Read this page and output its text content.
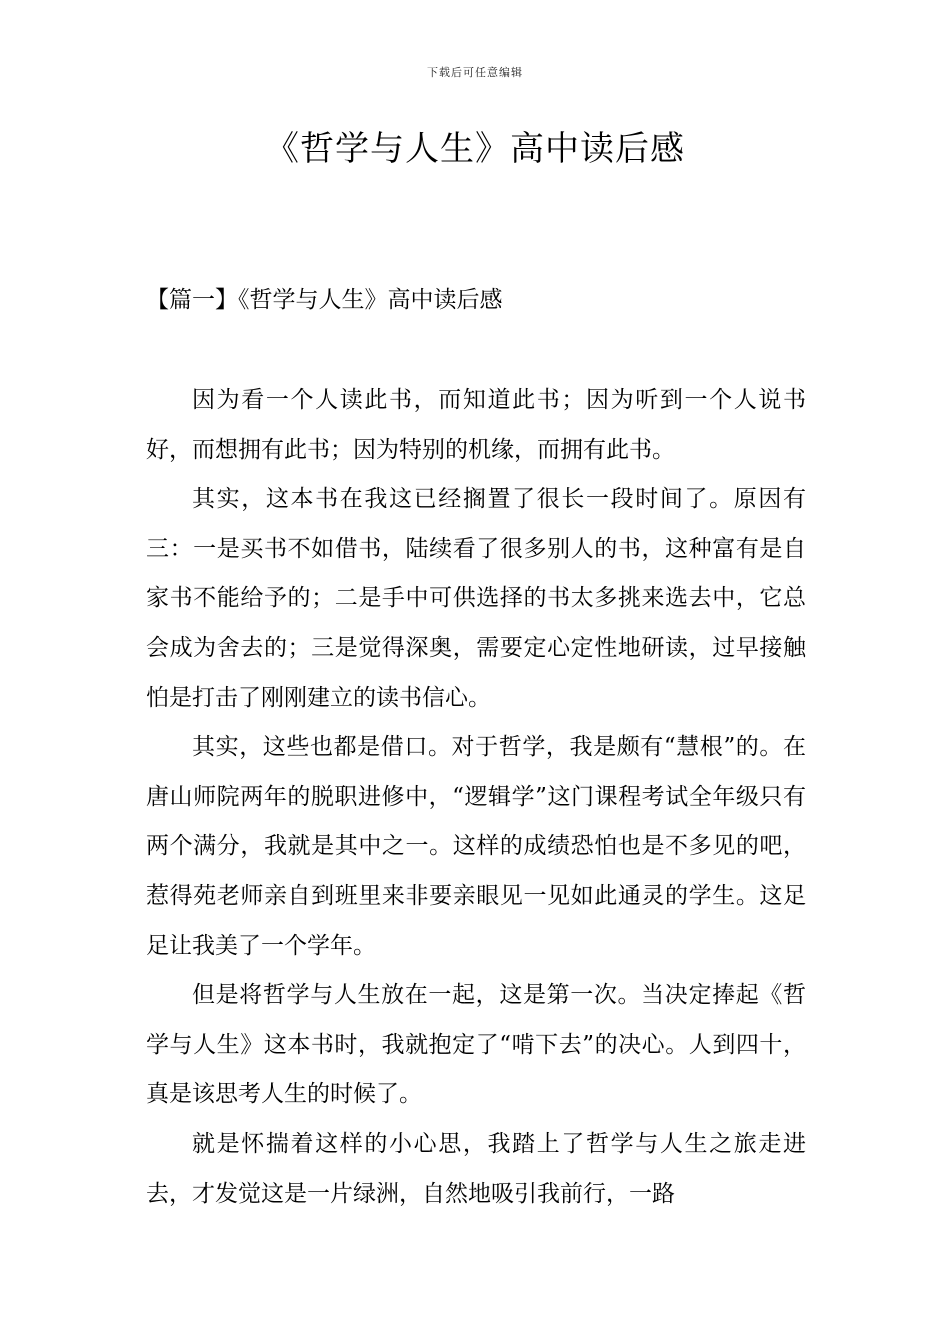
下载后可任意编辑
《哲学与人生》高中读后感
【篇一】《哲学与人生》高中读后感

因为看一个人读此书，而知道此书；因为听到一个人说书好，而想拥有此书；因为特别的机缘，而拥有此书。

其实，这本书在我这已经搁置了很长一段时间了。原因有三：一是买书不如借书，陆续看了很多别人的书，这种富有是自家书不能给予的；二是手中可供选择的书太多挑来选去中，它总会成为舍去的；三是觉得深奥，需要定心定性地研读，过早接触怕是打击了刚刚建立的读书信心。

其实，这些也都是借口。对于哲学，我是颇有“慧根”的。在唐山师院两年的脱职进修中，“逻辑学”这门课程考试全年级只有两个满分，我就是其中之一。这样的成绩恐怕也是不多见的吧，惹得苑老师亲自到班里来非要亲眼见一见如此通灵的学生。这足足让我美了一个学年。

但是将哲学与人生放在一起，这是第一次。当决定捧起《哲学与人生》这本书时，我就抱定了“啃下去”的决心。人到四十，真是该思考人生的时候了。

就是怀揣着这样的小心思，我踏上了哲学与人生之旅走进去，才发觉这是一片绿洲，自然地吸引我前行，一路
